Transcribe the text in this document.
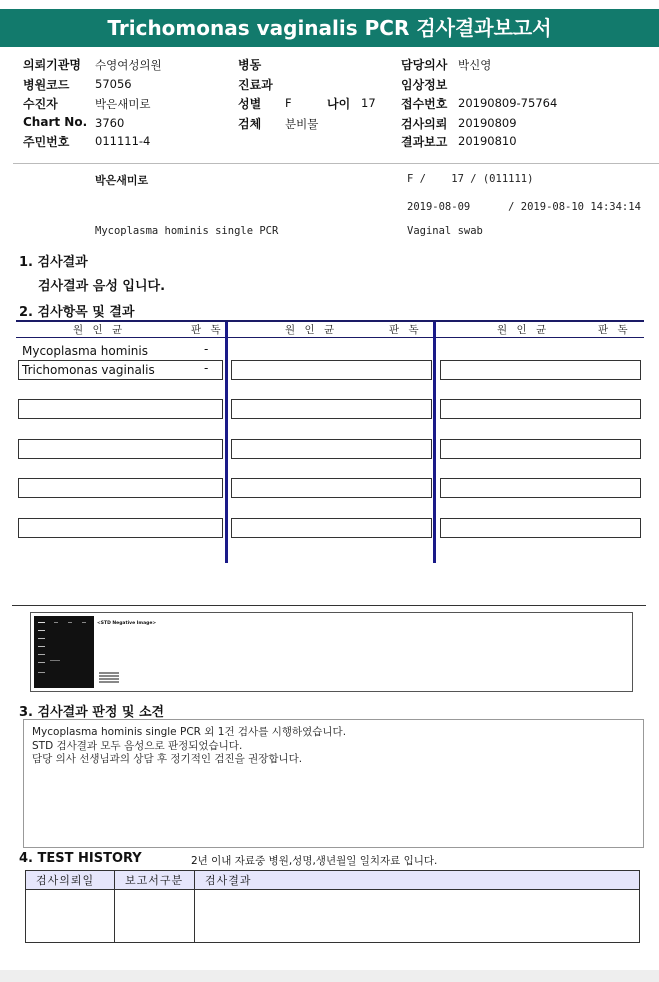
Trichomonas vaginalis PCR 검사결과보고서
의뢰기관명 수영여성의원
병원코드 57056
수진자	박은새미로
Chart No. 3760
주민번호 011111-4
병동
진료과
성별 F	나이 17
검체 분비물
담당의사 박신영
임상정보
접수번호 20190809-75764
검사의뢰 20190809
결과보고 20190810
박은새미로	F /    17 / (011111)
2019-08-09      / 2019-08-10 14:34:14
Mycoplasma hominis single PCR	Vaginal swab
1. 검사결과
검사결과 음성 입니다.
2. 검사항목 및 결과
원 인 균	판 독	원 인 균	판 독	원 인 균	판 독
Mycoplasma hominis	-
Trichomonas vaginalis	-
<STD Negative Image>
3. 검사결과 판정 및 소견
Mycoplasma hominis single PCR 외 1건 검사를 시행하였습니다.
STD 검사결과 모두 음성으로 판정되었습니다.
담당 의사 선생님과의 상담 후 정기적인 검진을 권장합니다.
4. TEST HISTORY	2년 이내 자료중 병원,성명,생년월일 일치자료 입니다.
검사의뢰일	보고서구분	검사결과
